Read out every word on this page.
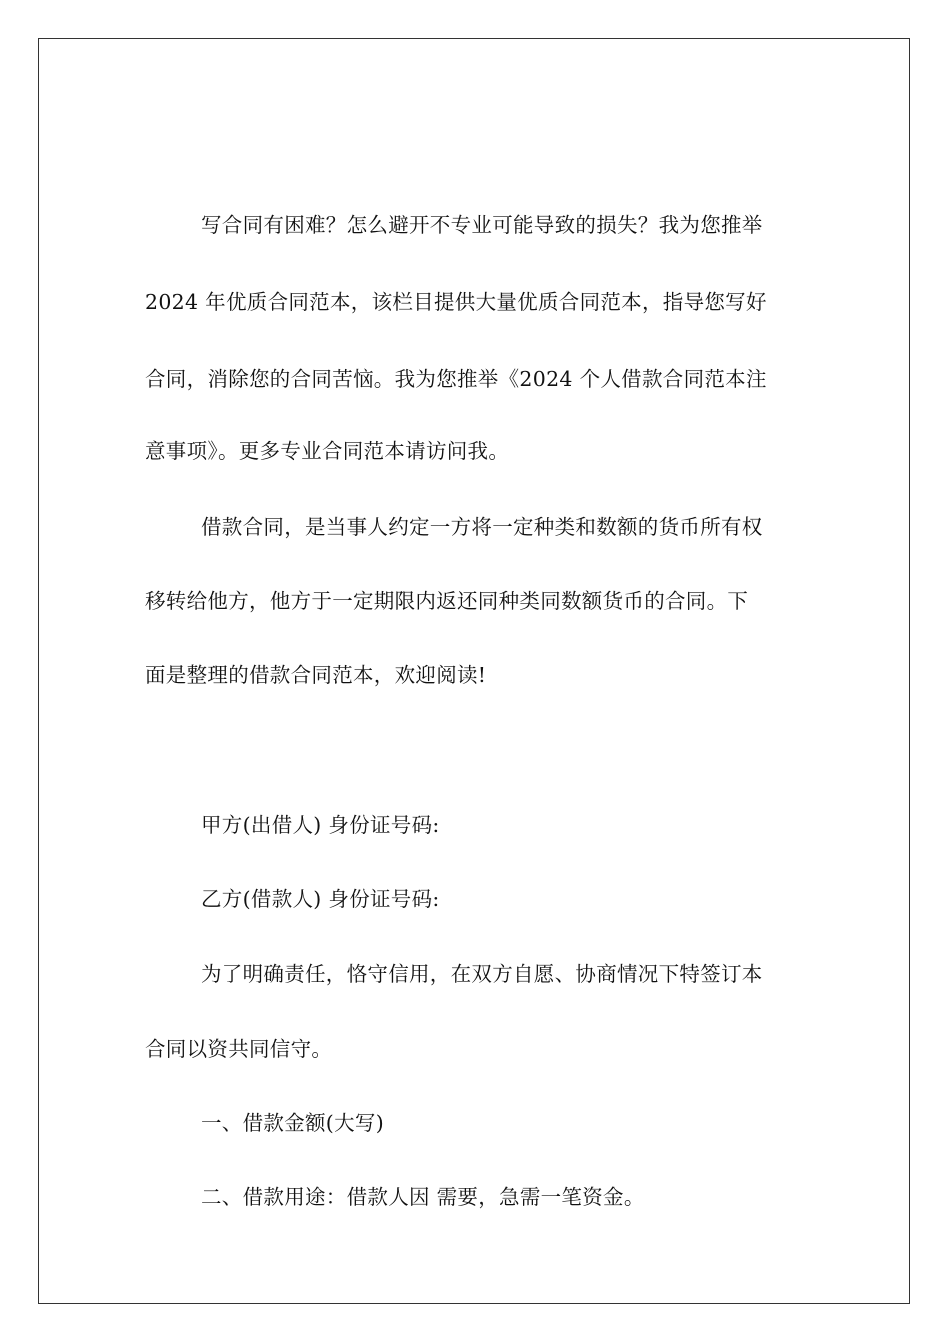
写合同有困难？怎么避开不专业可能导致的损失？我为您推举
2024 年优质合同范本，该栏目提供大量优质合同范本，指导您写好
合同，消除您的合同苦恼。我为您推举《2024 个人借款合同范本注
意事项》。更多专业合同范本请访问我。
借款合同，是当事人约定一方将一定种类和数额的货币所有权
移转给他方，他方于一定期限内返还同种类同数额货币的合同。下
面是整理的借款合同范本，欢迎阅读!
甲方(出借人) 身份证号码:
乙方(借款人) 身份证号码:
为了明确责任，恪守信用，在双方自愿、协商情况下特签订本
合同以资共同信守。
一、借款金额(大写)
二、借款用途：借款人因 需要，急需一笔资金。
